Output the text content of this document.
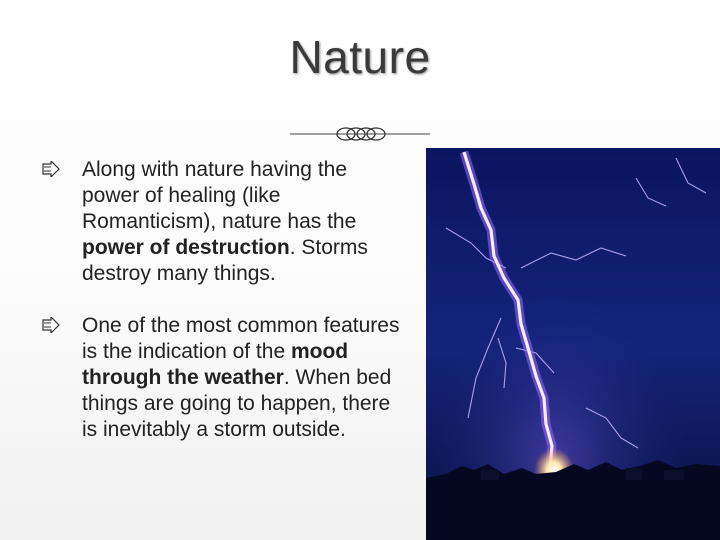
Nature
Along with nature having the power of healing (like Romanticism), nature has the power of destruction. Storms destroy many things.
One of the most common features is the indication of the mood through the weather. When bed things are going to happen, there is inevitably a storm outside.
